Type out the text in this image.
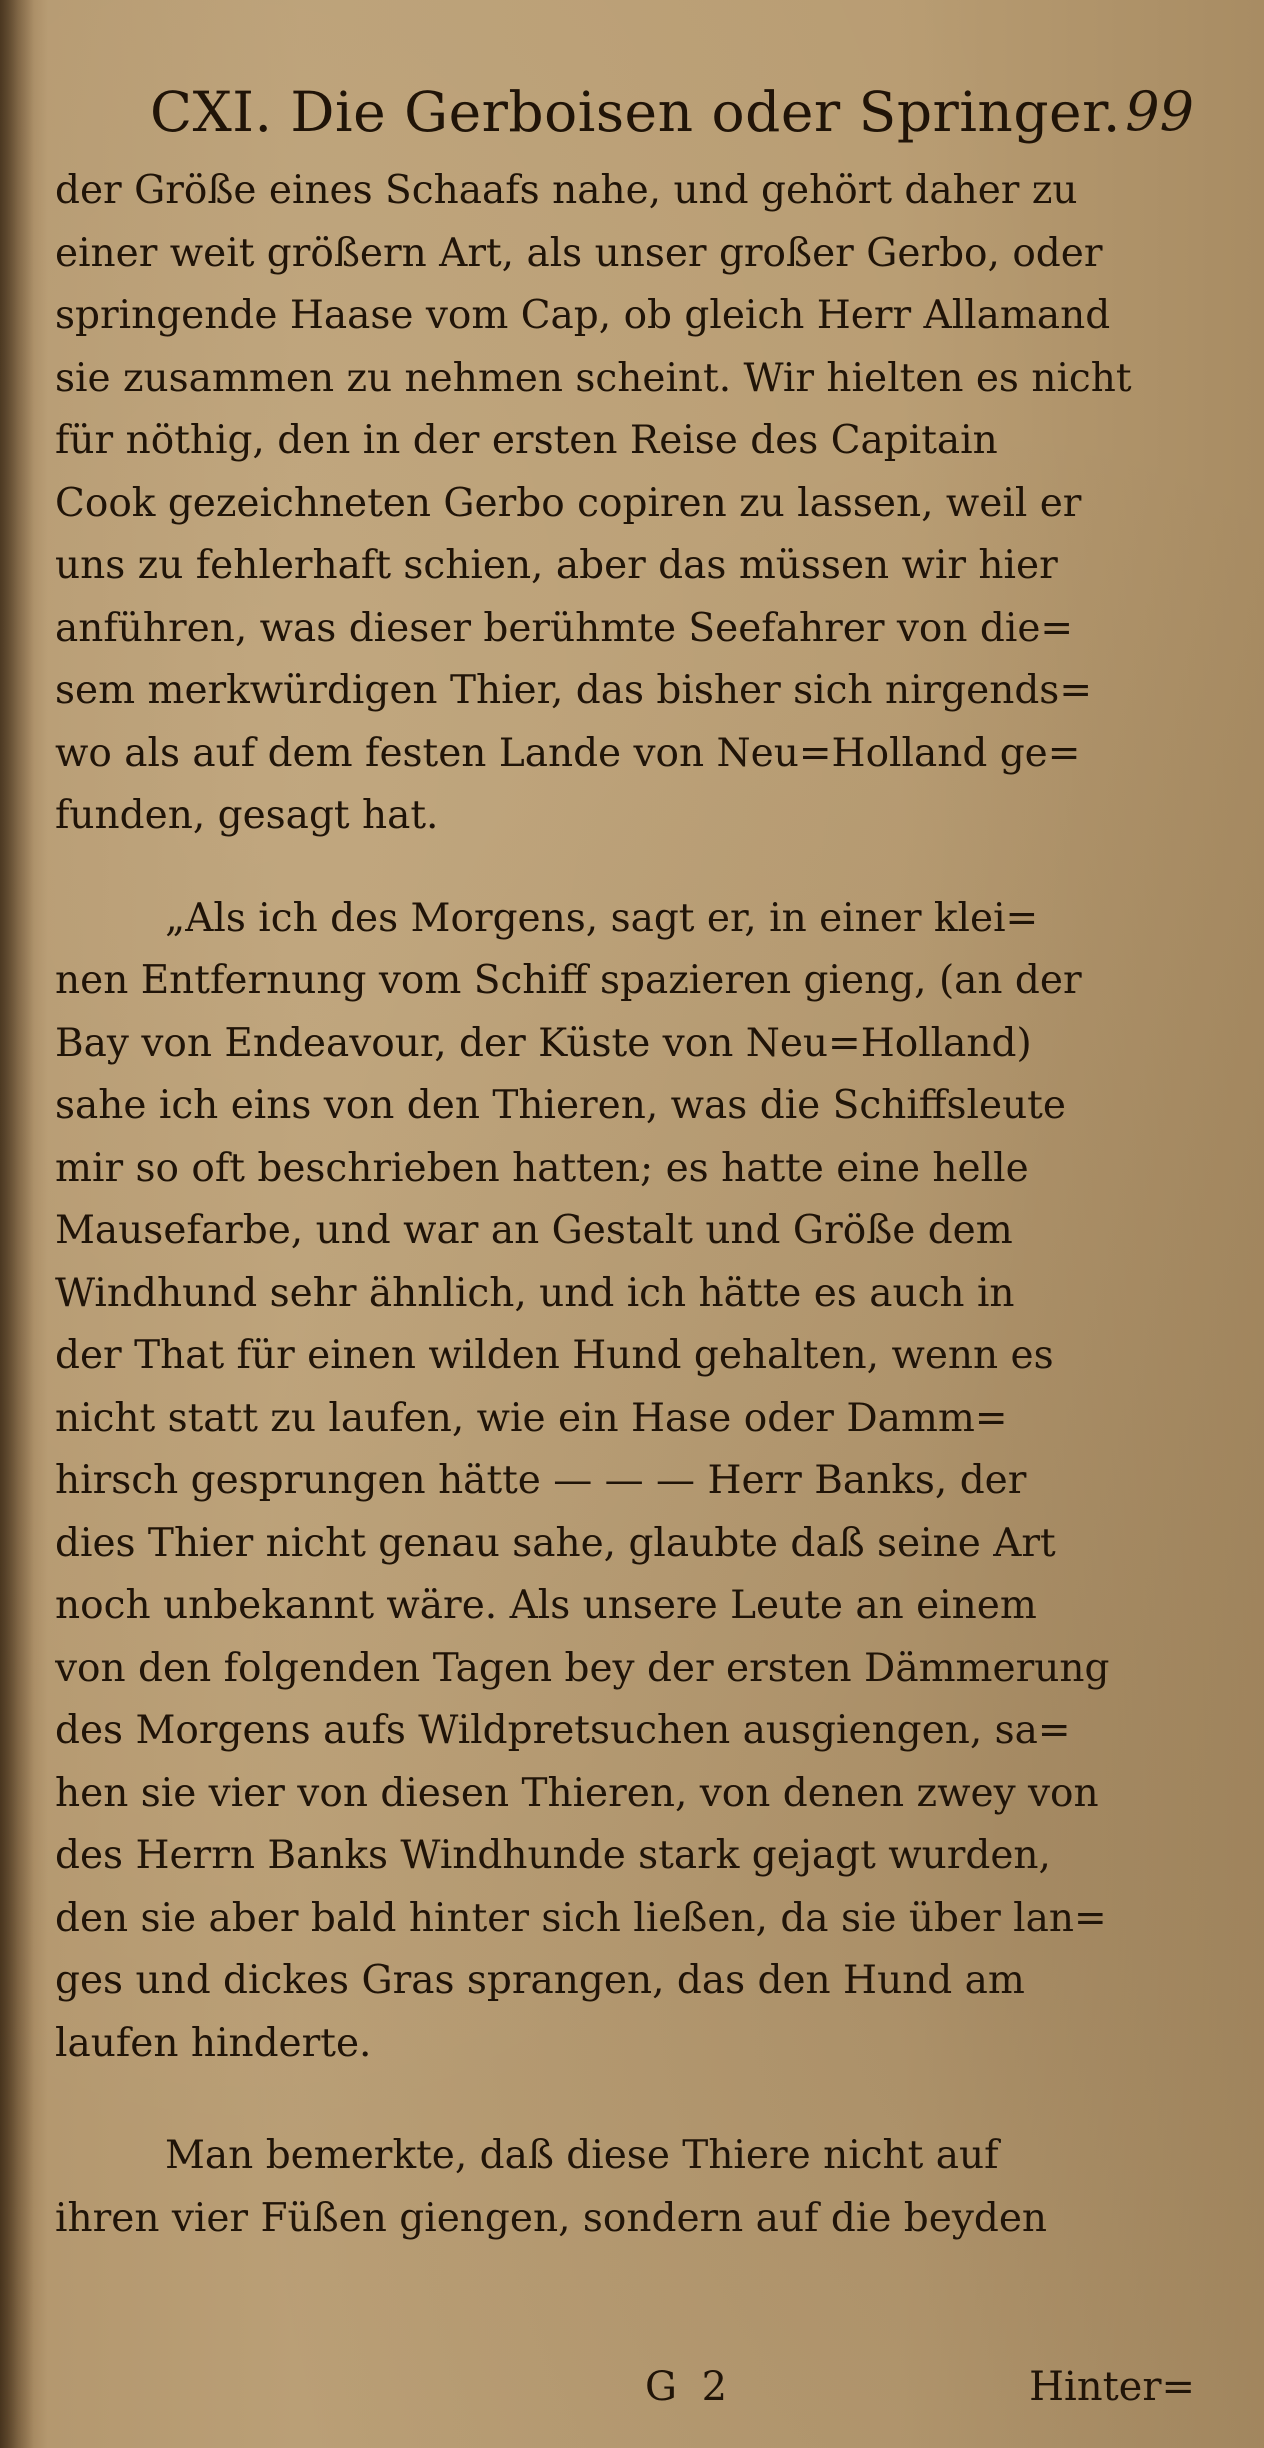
CXI. Die Gerboisen oder Springer. 99
der Größe eines Schaafs nahe, und gehört daher zu
einer weit größern Art, als unser großer Gerbo, oder
springende Haase vom Cap, ob gleich Herr Allamand
sie zusammen zu nehmen scheint. Wir hielten es nicht
für nöthig, den in der ersten Reise des Capitain
Cook gezeichneten Gerbo copiren zu lassen, weil er
uns zu fehlerhaft schien, aber das müssen wir hier
anführen, was dieser berühmte Seefahrer von die=
sem merkwürdigen Thier, das bisher sich nirgends=
wo als auf dem festen Lande von Neu=Holland ge=
funden, gesagt hat.
„Als ich des Morgens, sagt er, in einer klei=
nen Entfernung vom Schiff spazieren gieng, (an der
Bay von Endeavour, der Küste von Neu=Holland)
sahe ich eins von den Thieren, was die Schiffsleute
mir so oft beschrieben hatten; es hatte eine helle
Mausefarbe, und war an Gestalt und Größe dem
Windhund sehr ähnlich, und ich hätte es auch in
der That für einen wilden Hund gehalten, wenn es
nicht statt zu laufen, wie ein Hase oder Damm=
hirsch gesprungen hätte — — — Herr Banks, der
dies Thier nicht genau sahe, glaubte daß seine Art
noch unbekannt wäre. Als unsere Leute an einem
von den folgenden Tagen bey der ersten Dämmerung
des Morgens aufs Wildpretsuchen ausgiengen, sa=
hen sie vier von diesen Thieren, von denen zwey von
des Herrn Banks Windhunde stark gejagt wurden,
den sie aber bald hinter sich ließen, da sie über lan=
ges und dickes Gras sprangen, das den Hund am
laufen hinderte.
Man bemerkte, daß diese Thiere nicht auf
ihren vier Füßen giengen, sondern auf die beyden
G 2	Hinter=
